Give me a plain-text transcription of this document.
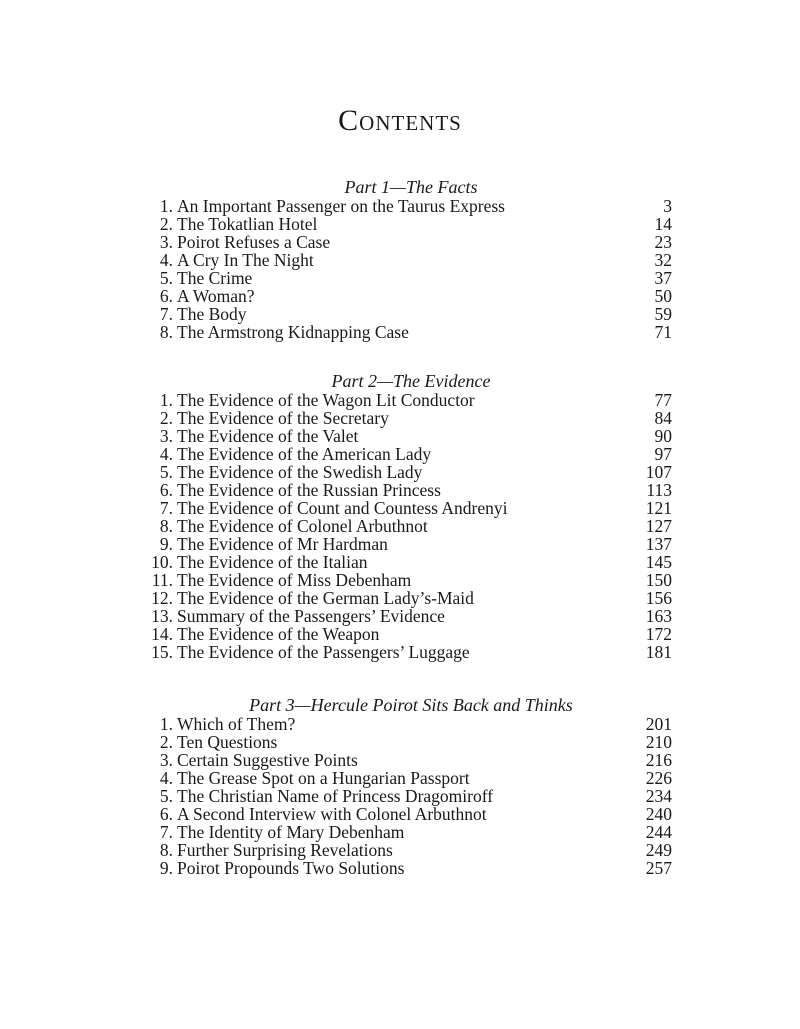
Contents
Part 1—The Facts
1. An Important Passenger on the Taurus Express	3
2. The Tokatlian Hotel	14
3. Poirot Refuses a Case	23
4. A Cry In The Night	32
5. The Crime	37
6. A Woman?	50
7. The Body	59
8. The Armstrong Kidnapping Case	71
Part 2—The Evidence
1. The Evidence of the Wagon Lit Conductor	77
2. The Evidence of the Secretary	84
3. The Evidence of the Valet	90
4. The Evidence of the American Lady	97
5. The Evidence of the Swedish Lady	107
6. The Evidence of the Russian Princess	113
7. The Evidence of Count and Countess Andrenyi	121
8. The Evidence of Colonel Arbuthnot	127
9. The Evidence of Mr Hardman	137
10. The Evidence of the Italian	145
11. The Evidence of Miss Debenham	150
12. The Evidence of the German Lady’s-Maid	156
13. Summary of the Passengers’ Evidence	163
14. The Evidence of the Weapon	172
15. The Evidence of the Passengers’ Luggage	181
Part 3—Hercule Poirot Sits Back and Thinks
1. Which of Them?	201
2. Ten Questions	210
3. Certain Suggestive Points	216
4. The Grease Spot on a Hungarian Passport	226
5. The Christian Name of Princess Dragomiroff	234
6. A Second Interview with Colonel Arbuthnot	240
7. The Identity of Mary Debenham	244
8. Further Surprising Revelations	249
9. Poirot Propounds Two Solutions	257
